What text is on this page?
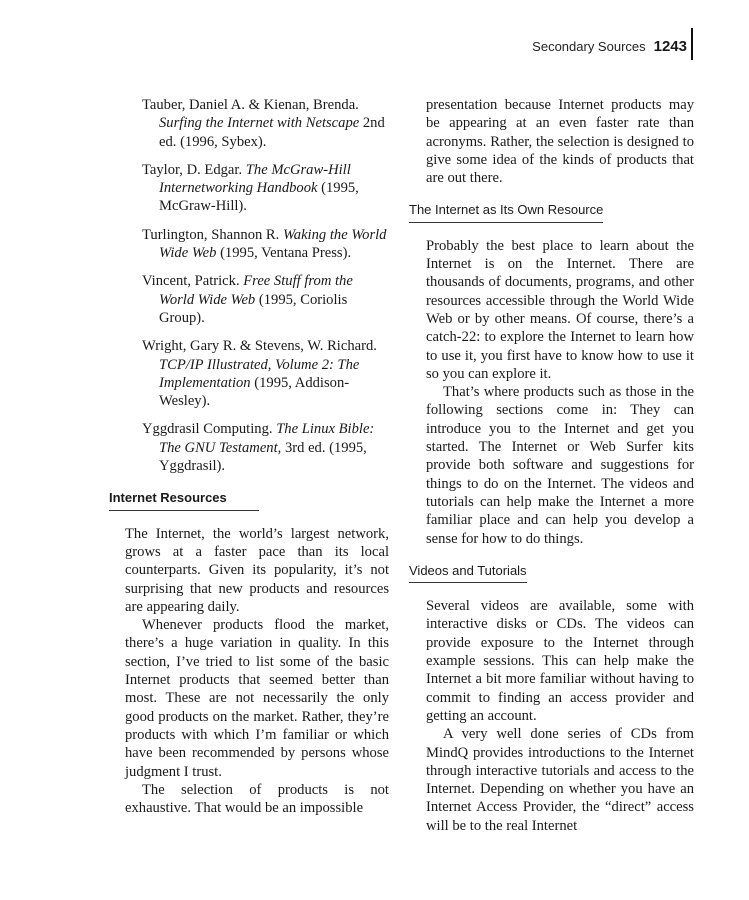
Secondary Sources 1243

Tauber, Daniel A. & Kienan, Brenda. Surfing the Internet with Netscape 2nd ed. (1996, Sybex).

Taylor, D. Edgar. The McGraw-Hill Internetworking Handbook (1995, McGraw-Hill).

Turlington, Shannon R. Waking the World Wide Web (1995, Ventana Press).

Vincent, Patrick. Free Stuff from the World Wide Web (1995, Coriolis Group).

Wright, Gary R. & Stevens, W. Richard. TCP/IP Illustrated, Volume 2: The Implementation (1995, Addison-Wesley).

Yggdrasil Computing. The Linux Bible: The GNU Testament, 3rd ed. (1995, Yggdrasil).

Internet Resources

The Internet, the world’s largest network, grows at a faster pace than its local counterparts. Given its popularity, it’s not surprising that new products and resources are appearing daily.

Whenever products flood the market, there’s a huge variation in quality. In this section, I’ve tried to list some of the basic Internet products that seemed better than most. These are not necessarily the only good products on the market. Rather, they’re products with which I’m familiar or which have been recommended by persons whose judgment I trust.

The selection of products is not exhaustive. That would be an impossible

presentation because Internet products may be appearing at an even faster rate than acronyms. Rather, the selection is designed to give some idea of the kinds of products that are out there.

The Internet as Its Own Resource

Probably the best place to learn about the Internet is on the Internet. There are thousands of documents, programs, and other resources accessible through the World Wide Web or by other means. Of course, there’s a catch-22: to explore the Internet to learn how to use it, you first have to know how to use it so you can explore it.

That’s where products such as those in the following sections come in: They can introduce you to the Internet and get you started. The Internet or Web Surfer kits provide both software and suggestions for things to do on the Internet. The videos and tutorials can help make the Internet a more familiar place and can help you develop a sense for how to do things.

Videos and Tutorials

Several videos are available, some with interactive disks or CDs. The videos can provide exposure to the Internet through example sessions. This can help make the Internet a bit more familiar without having to commit to finding an access provider and getting an account.

A very well done series of CDs from MindQ provides introductions to the Internet through interactive tutorials and access to the Internet. Depending on whether you have an Internet Access Provider, the “direct” access will be to the real Internet
